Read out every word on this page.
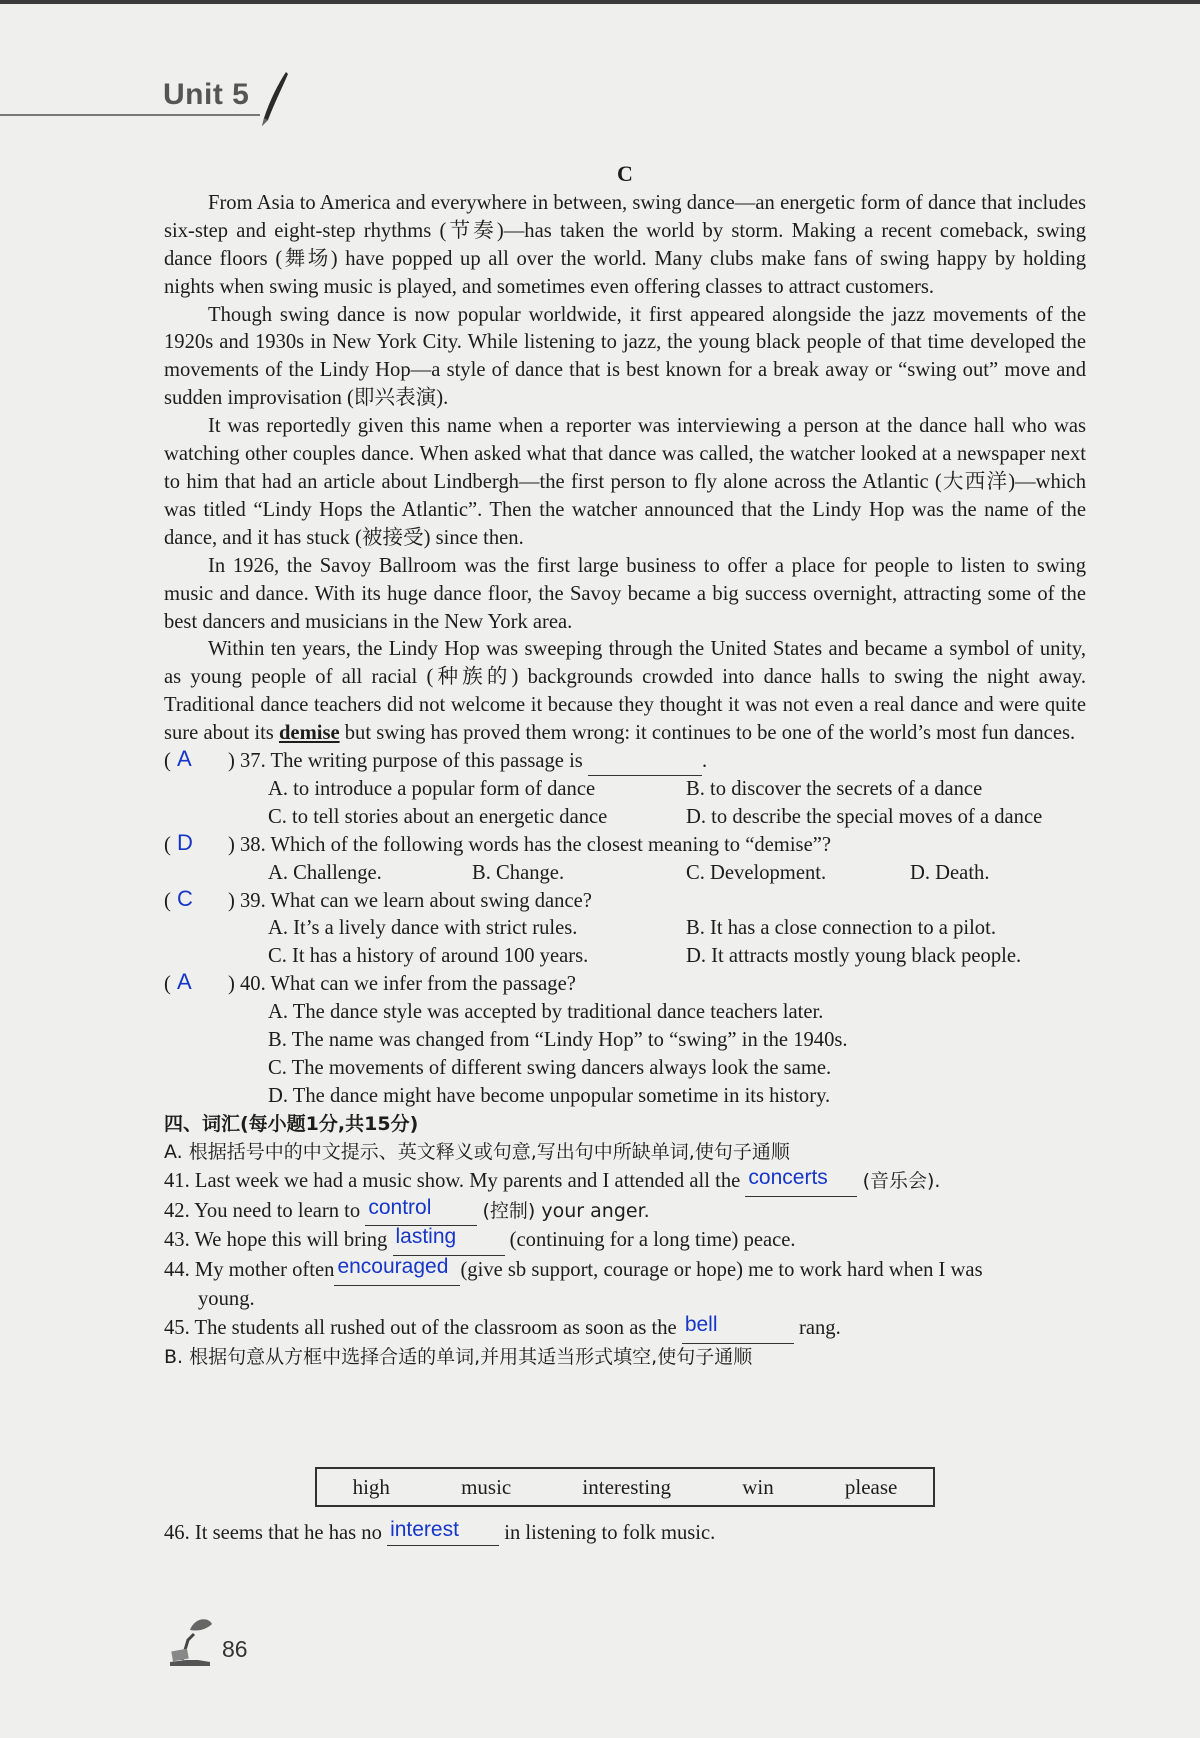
Unit 5
C

From Asia to America and everywhere in between, swing dance—an energetic form of dance that includes six-step and eight-step rhythms (节奏)—has taken the world by storm. Making a recent comeback, swing dance floors (舞场) have popped up all over the world. Many clubs make fans of swing happy by holding nights when swing music is played, and sometimes even offering classes to attract customers.

Though swing dance is now popular worldwide, it first appeared alongside the jazz movements of the 1920s and 1930s in New York City. While listening to jazz, the young black people of that time developed the movements of the Lindy Hop—a style of dance that is best known for a break away or “swing out” move and sudden improvisation (即兴表演).

It was reportedly given this name when a reporter was interviewing a person at the dance hall who was watching other couples dance. When asked what that dance was called, the watcher looked at a newspaper next to him that had an article about Lindbergh—the first person to fly alone across the Atlantic (大西洋)—which was titled “Lindy Hops the Atlantic”. Then the watcher announced that the Lindy Hop was the name of the dance, and it has stuck (被接受) since then.

In 1926, the Savoy Ballroom was the first large business to offer a place for people to listen to swing music and dance. With its huge dance floor, the Savoy became a big success overnight, attracting some of the best dancers and musicians in the New York area.

Within ten years, the Lindy Hop was sweeping through the United States and became a symbol of unity, as young people of all racial (种族的) backgrounds crowded into dance halls to swing the night away. Traditional dance teachers did not welcome it because they thought it was not even a real dance and were quite sure about its demise but swing has proved them wrong: it continues to be one of the world’s most fun dances.

( A ) 37. The writing purpose of this passage is	.
A. to introduce a popular form of dance	B. to discover the secrets of a dance
C. to tell stories about an energetic dance	D. to describe the special moves of a dance
( D ) 38. Which of the following words has the closest meaning to “demise”?
A. Challenge.	B. Change.	C. Development.	D. Death.
( C ) 39. What can we learn about swing dance?
A. It’s a lively dance with strict rules.	B. It has a close connection to a pilot.
C. It has a history of around 100 years.	D. It attracts mostly young black people.
( A ) 40. What can we infer from the passage?
A. The dance style was accepted by traditional dance teachers later.
B. The name was changed from “Lindy Hop” to “swing” in the 1940s.
C. The movements of different swing dancers always look the same.
D. The dance might have become unpopular sometime in its history.
四、词汇(每小题1分,共15分)
A. 根据括号中的中文提示、英文释义或句意,写出句中所缺单词,使句子通顺
41. Last week we had a music show. My parents and I attended all the concerts (音乐会).
42. You need to learn to control	(控制) your anger.
43. We hope this will bring lasting	(continuing for a long time) peace.
44. My mother often encouraged (give sb support, courage or hope) me to work hard when I was
young.
45. The students all rushed out of the classroom as soon as the bell	rang.
B. 根据句意从方框中选择合适的单词,并用其适当形式填空,使句子通顺
high	music	interesting	win	please
46. It seems that he has no interest in listening to folk music.
86
